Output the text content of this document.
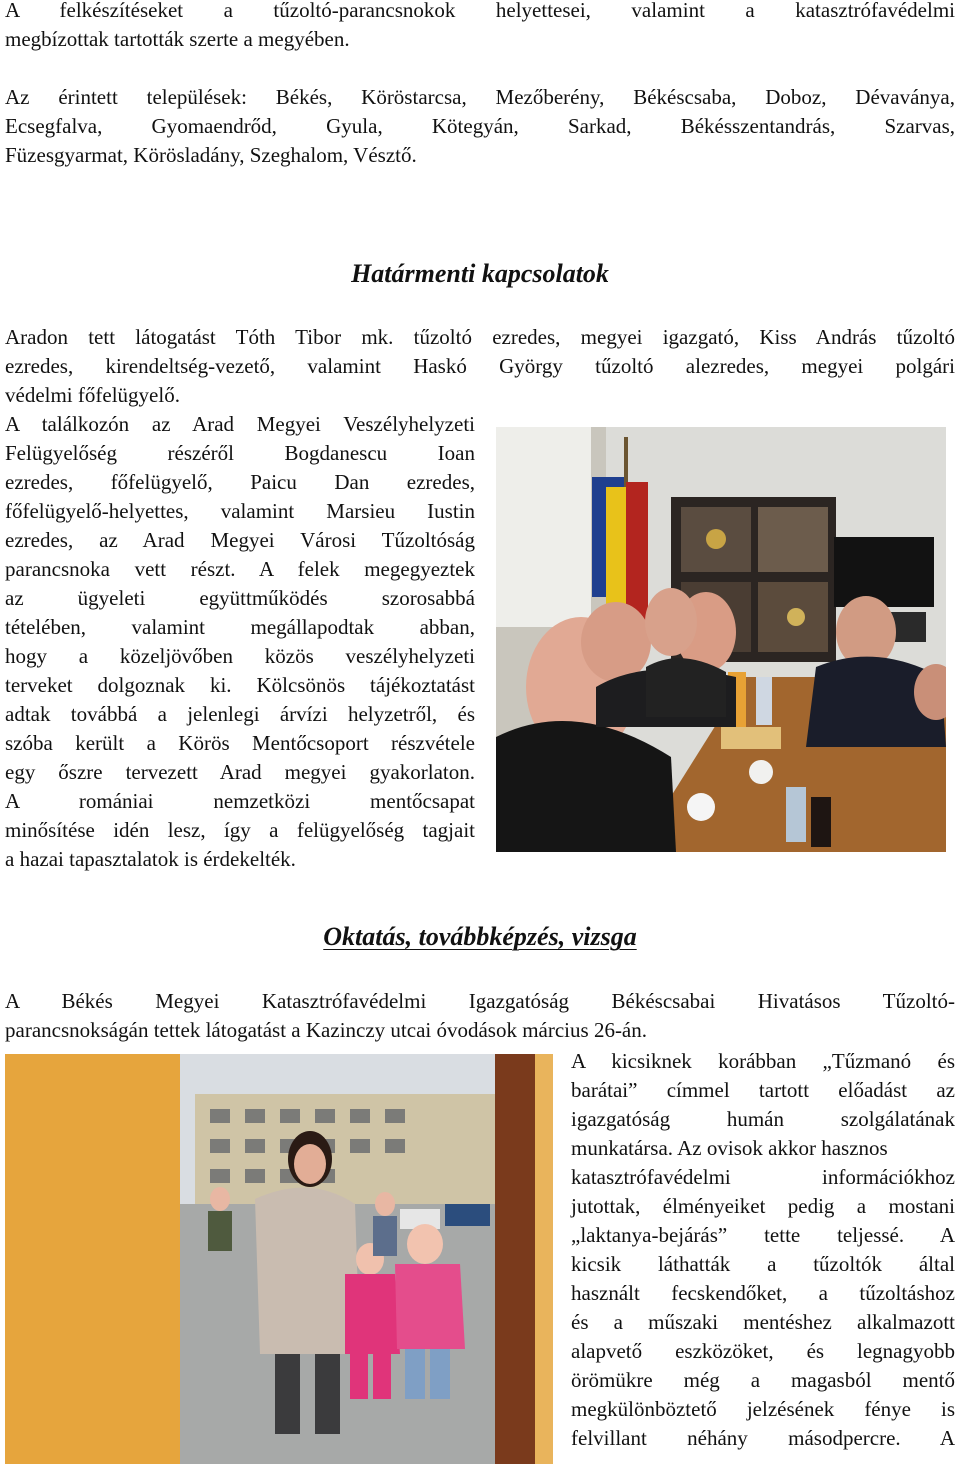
A felkészítéseket a tűzoltó-parancsnokok helyettesei, valamint a katasztrófavédelmi
megbízottak tartották szerte a megyében.
Az érintett települések: Békés, Köröstarcsa, Mezőberény, Békéscsaba, Doboz, Dévaványa,
Ecsegfalva, Gyomaendrőd, Gyula, Kötegyán, Sarkad, Békésszentandrás, Szarvas,
Füzesgyarmat, Körösladány, Szeghalom, Vésztő.
Határmenti kapcsolatok
Aradon tett látogatást Tóth Tibor mk. tűzoltó ezredes, megyei igazgató, Kiss András tűzoltó
ezredes, kirendeltség-vezető, valamint Haskó György tűzoltó alezredes, megyei polgári
védelmi főfelügyelő.
A találkozón az Arad Megyei Veszélyhelyzeti
Felügyelőség részéről Bogdanescu Ioan
ezredes, főfelügyelő, Paicu Dan ezredes,
főfelügyelő-helyettes, valamint Marsieu Iustin
ezredes, az Arad Megyei Városi Tűzoltóság
parancsnoka vett részt. A felek megegyeztek
az ügyeleti együttműködés szorosabbá
tételében, valamint megállapodtak abban,
hogy a közeljövőben közös veszélyhelyzeti
terveket dolgoznak ki. Kölcsönös tájékoztatást
adtak továbbá a jelenlegi árvízi helyzetről, és
szóba került a Körös Mentőcsoport részvétele
egy őszre tervezett Arad megyei gyakorlaton.
A romániai nemzetközi mentőcsapat
minősítése idén lesz, így a felügyelőség tagjait
a hazai tapasztalatok is érdekelték.
Oktatás, továbbképzés, vizsga
A Békés Megyei Katasztrófavédelmi Igazgatóság Békéscsabai Hivatásos Tűzoltó-
parancsnokságán tettek látogatást a Kazinczy utcai óvodások március 26-án.
A kicsiknek korábban „Tűzmanó és
barátai” címmel tartott előadást az
igazgatóság humán szolgálatának
munkatársa. Az ovisok akkor hasznos
katasztrófavédelmi információkhoz
jutottak, élményeiket pedig a mostani
„laktanya-bejárás” tette teljessé. A
kicsik láthatták a tűzoltók által
használt fecskendőket, a tűzoltáshoz
és a műszaki mentéshez alkalmazott
alapvető eszközöket, és legnagyobb
örömükre még a magasból mentő
megkülönböztető jelzésének fénye is
felvillant néhány másodpercre. A
